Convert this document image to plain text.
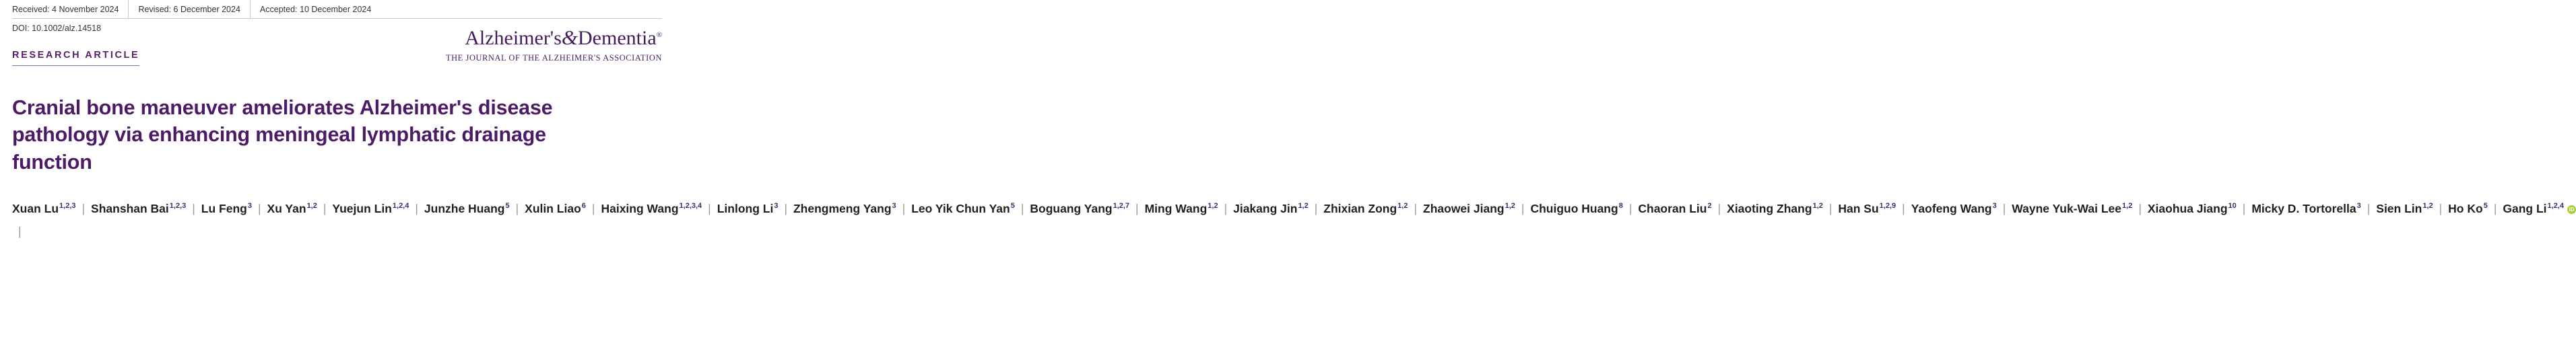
Received: 4 November 2024	Revised: 6 December 2024	Accepted: 10 December 2024
DOI: 10.1002/alz.14518	Alzheimer's&Dementia®
THE JOURNAL OF THE ALZHEIMER'S ASSOCIATION
RESEARCH ARTICLE
Cranial bone maneuver ameliorates Alzheimer's disease pathology via enhancing meningeal lymphatic drainage function
Xuan Lu$^{1,2,3}$ | Shanshan Bai$^{1,2,3}$ | Lu Feng$^3$ | Xu Yan$^{1,2}$ | Yuejun Lin$^{1,2,4}$ | Junzhe Huang$^5$ | Xulin Liao$^6$ | Haixing Wang$^{1,2,3,4}$ | Linlong Li$^3$ | Zhengmeng Yang$^3$ | Leo Yik Chun Yan$^5$ | Boguang Yang$^{1,2,7}$ | Ming Wang$^{1,2}$ | Jiakang Jin$^{1,2}$ | Zhixian Zong$^{1,2}$ | Zhaowei Jiang$^{1,2}$ | Chuiguo Huang$^8$ | Chaoran Liu$^2$ | Xiaoting Zhang$^{1,2}$ | Han Su$^{1,2,9}$ | Yaofeng Wang$^3$ | Wayne Yuk-Wai Lee$^{1,2}$ | Xiaohua Jiang$^{10}$ | Micky D. Tortorella$^3$ | Sien Lin$^{1,2}$ | Ho Ko$^5$ | Gang Li$^{1,2,4}$iD|
